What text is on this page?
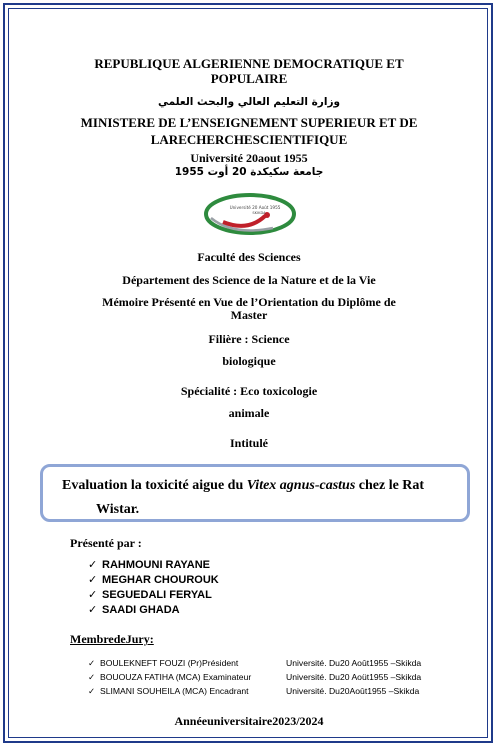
REPUBLIQUE ALGERIENNE DEMOCRATIQUE ET
POPULAIRE
وزارة التعليم العالي والبحث العلمي
MINISTERE DE L’ENSEIGNEMENT SUPERIEUR ET DE
LARECHERCHESCIENTIFIQUE
Université 20aout 1955
جامعة سكيكدة 20 أوت 1955
Université 20 Août 1955
SKIKDA
Faculté des Sciences
Département des Science de la Nature et de la Vie
Mémoire Présenté en Vue de l’Orientation du Diplôme de
Master
Filière : Science
biologique
Spécialité : Eco toxicologie
animale
Intitulé
Evaluation la toxicité aigue du Vitex agnus-castus chez le Rat
Wistar.
Présenté par :
✓ RAHMOUNI RAYANE
✓ MEGHAR CHOUROUK
✓ SEGUEDALI FERYAL
✓ SAADI GHADA
MembredeJury:
✓ BOULEKNEFT FOUZI (Pr)Président	Université. Du20 Août1955 –Skikda
✓ BOUOUZA FATIHA (MCA) Examinateur	Université. Du20 Aoüt1955 –Skikda
✓ SLIMANI SOUHEILA (MCA) Encadrant	Université. Du20Août1955 –Skikda
Annéeuniversitaire2023/2024
